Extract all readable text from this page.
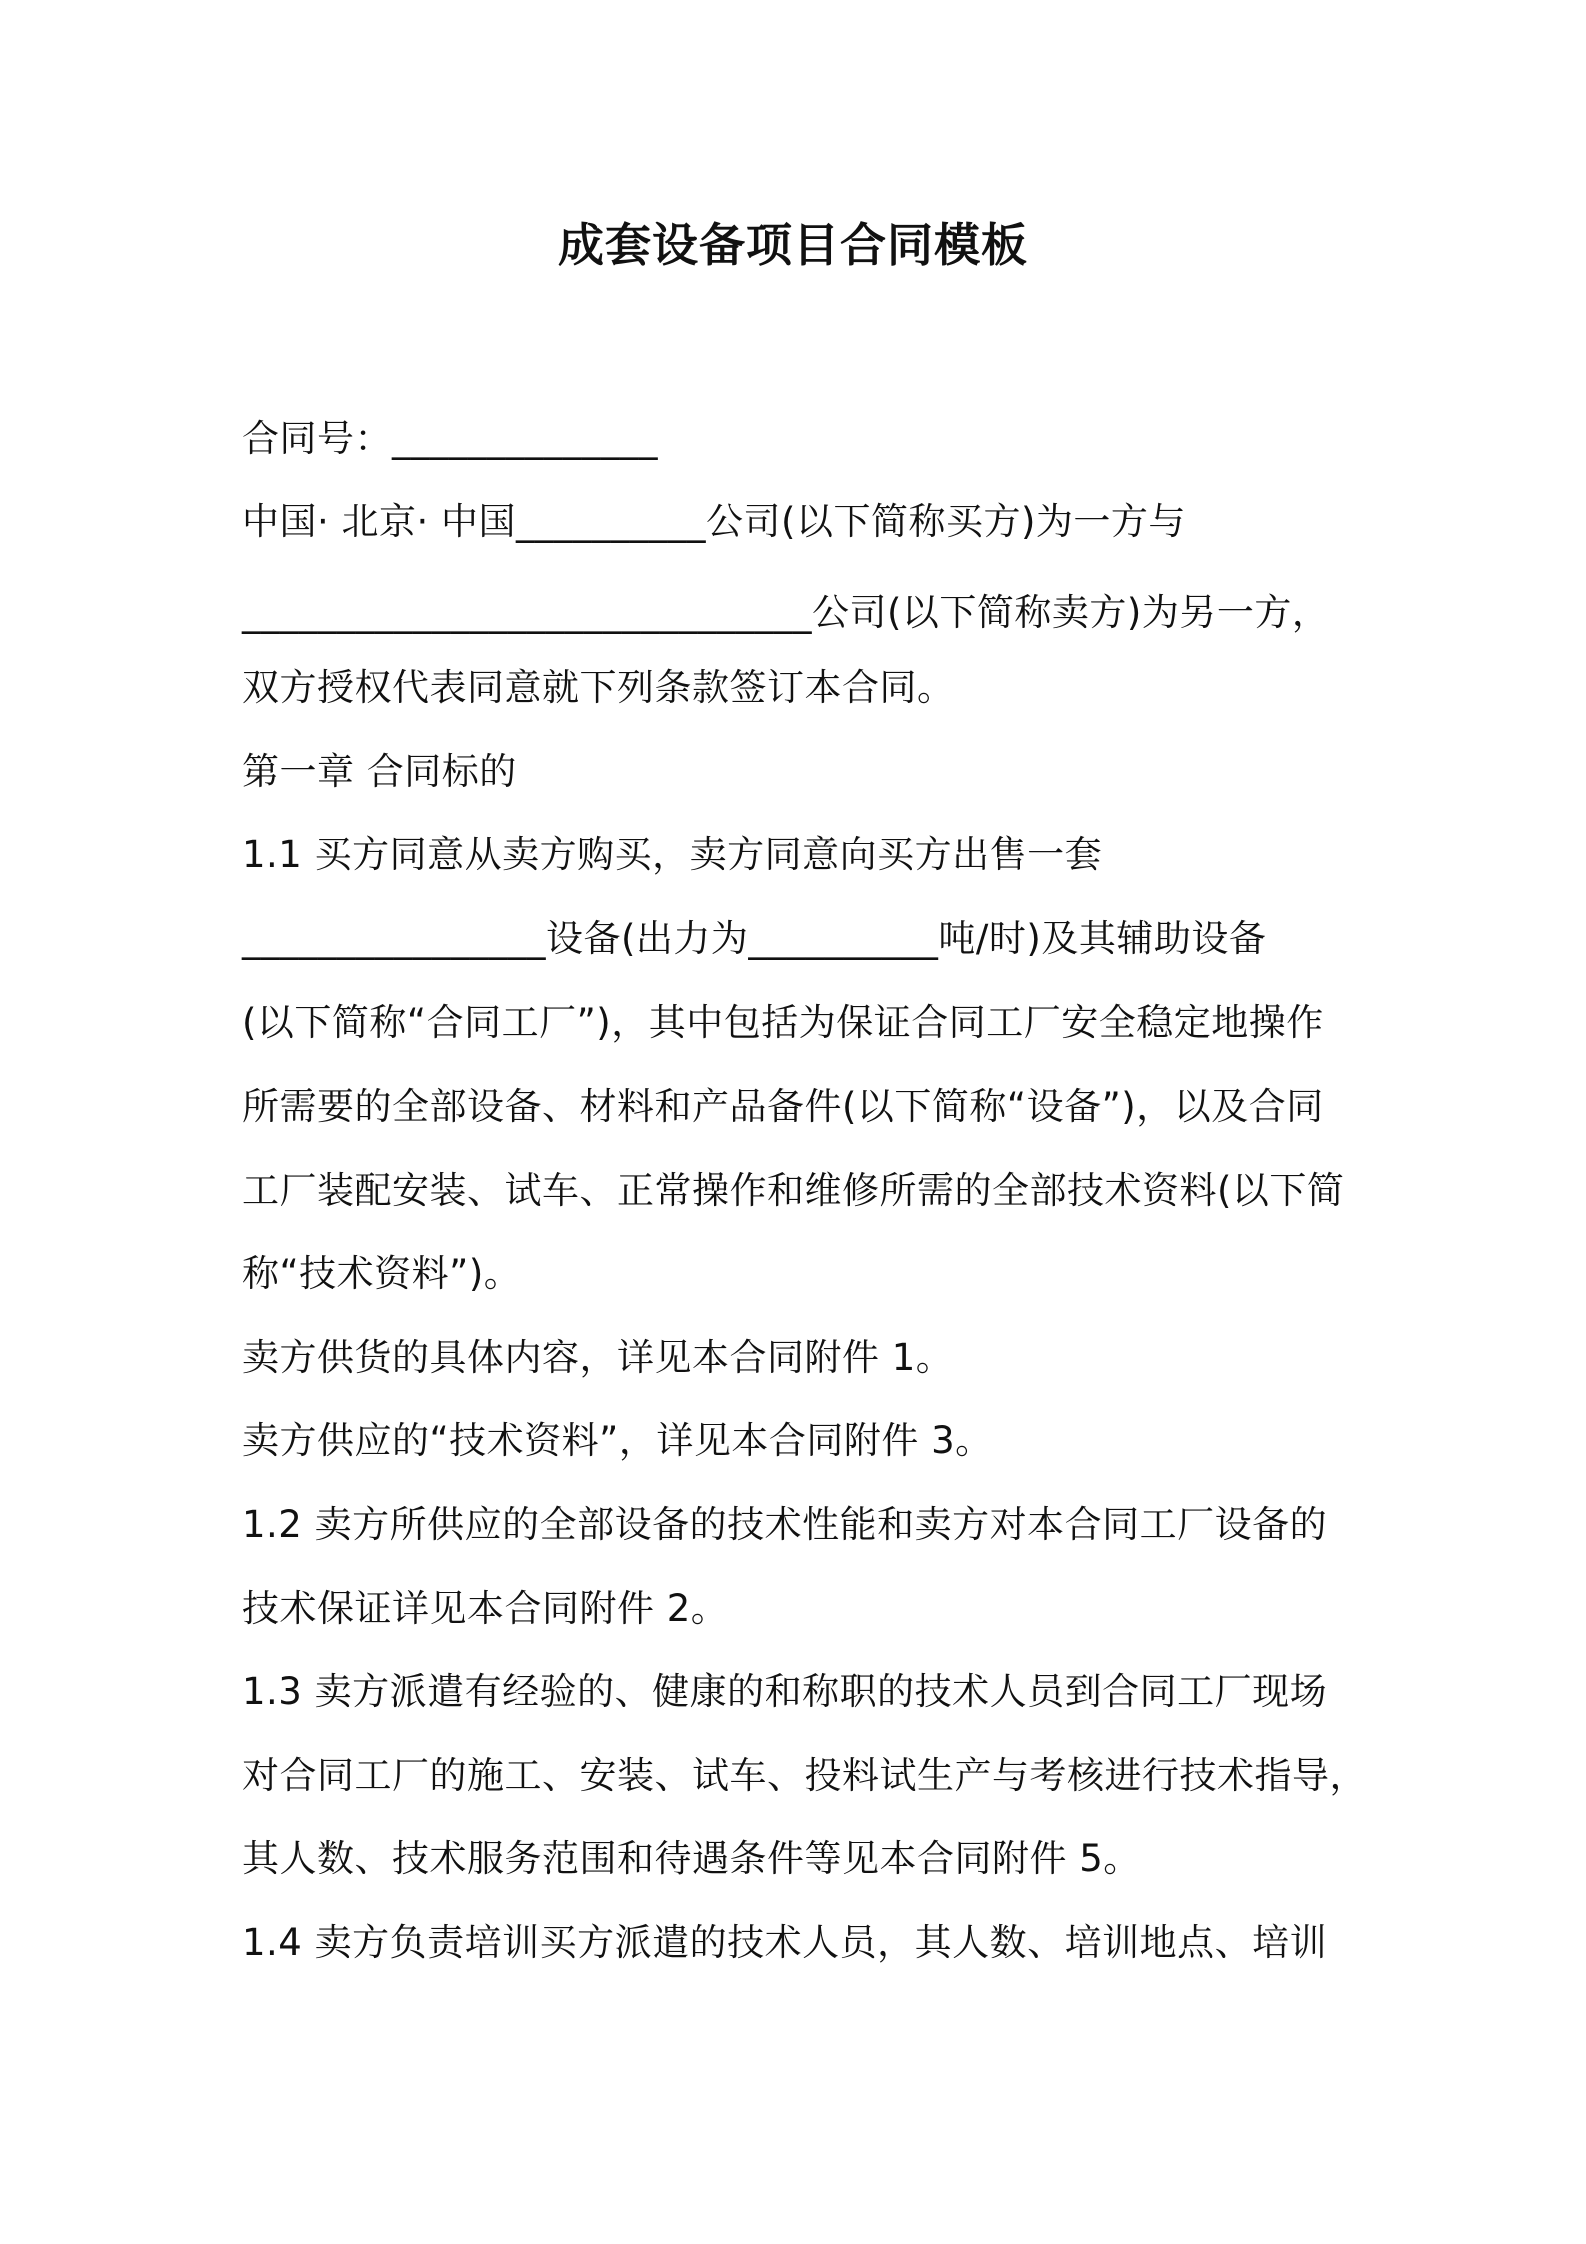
成套设备项目合同模板
合同号：______________
中国· 北京· 中国__________公司(以下简称买方)为一方与
______________________________公司(以下简称卖方)为另一方，
双方授权代表同意就下列条款签订本合同。
第一章 合同标的
1.1 买方同意从卖方购买，卖方同意向买方出售一套
________________设备(出力为__________吨/时)及其辅助设备
(以下简称“合同工厂”)，其中包括为保证合同工厂安全稳定地操作
所需要的全部设备、材料和产品备件(以下简称“设备”)，以及合同
工厂装配安装、试车、正常操作和维修所需的全部技术资料(以下简
称“技术资料”)。
卖方供货的具体内容，详见本合同附件 1。
卖方供应的“技术资料”，详见本合同附件 3。
1.2 卖方所供应的全部设备的技术性能和卖方对本合同工厂设备的
技术保证详见本合同附件 2。
1.3 卖方派遣有经验的、健康的和称职的技术人员到合同工厂现场
对合同工厂的施工、安装、试车、投料试生产与考核进行技术指导，
其人数、技术服务范围和待遇条件等见本合同附件 5。
1.4 卖方负责培训买方派遣的技术人员，其人数、培训地点、培训
